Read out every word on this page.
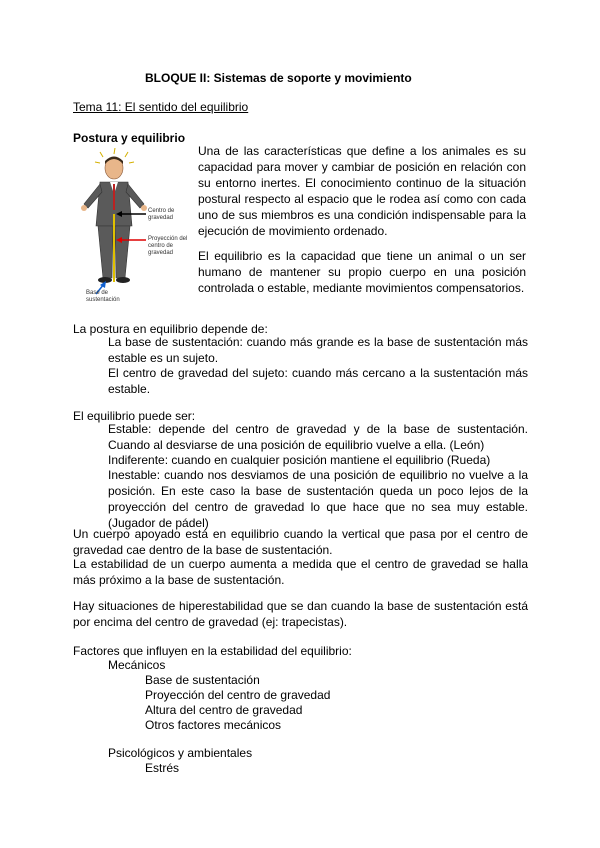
BLOQUE II: Sistemas de soporte y movimiento
Tema 11: El sentido del equilibrio
Postura y equilibrio
Centro de gravedad
Proyección del centro de gravedad
Base de sustentación

Una de las características que define a los animales es su capacidad para mover y cambiar de posición en relación con su entorno inertes. El conocimiento continuo de la situación postural respecto al espacio que le rodea así como con cada uno de sus miembros es una condición indispensable para la ejecución de movimiento ordenado.

El equilibrio es la capacidad que tiene un animal o un ser humano de mantener su propio cuerpo en una posición controlada o estable, mediante movimientos compensatorios.

La postura en equilibrio depende de:

La base de sustentación: cuando más grande es la base de sustentación más estable es un sujeto.

El centro de gravedad del sujeto: cuando más cercano a la sustentación más estable.

El equilibrio puede ser:

Estable: depende del centro de gravedad y de la base de sustentación. Cuando al desviarse de una posición de equilibrio vuelve a ella. (León)

Indiferente: cuando en cualquier posición mantiene el equilibrio (Rueda)

Inestable: cuando nos desviamos de una posición de equilibrio no vuelve a la posición. En este caso la base de sustentación queda un poco lejos de la proyección del centro de gravedad lo que hace que no sea muy estable. (Jugador de pádel)

Un cuerpo apoyado está en equilibrio cuando la vertical que pasa por el centro de gravedad cae dentro de la base de sustentación.

La estabilidad de un cuerpo aumenta a medida que el centro de gravedad se halla más próximo a la base de sustentación.

Hay situaciones de hiperestabilidad que se dan cuando la base de sustentación está por encima del centro de gravedad (ej: trapecistas).

Factores que influyen en la estabilidad del equilibrio:

Mecánicos

Base de sustentación

Proyección del centro de gravedad

Altura del centro de gravedad

Otros factores mecánicos

Psicológicos y ambientales

Estrés
